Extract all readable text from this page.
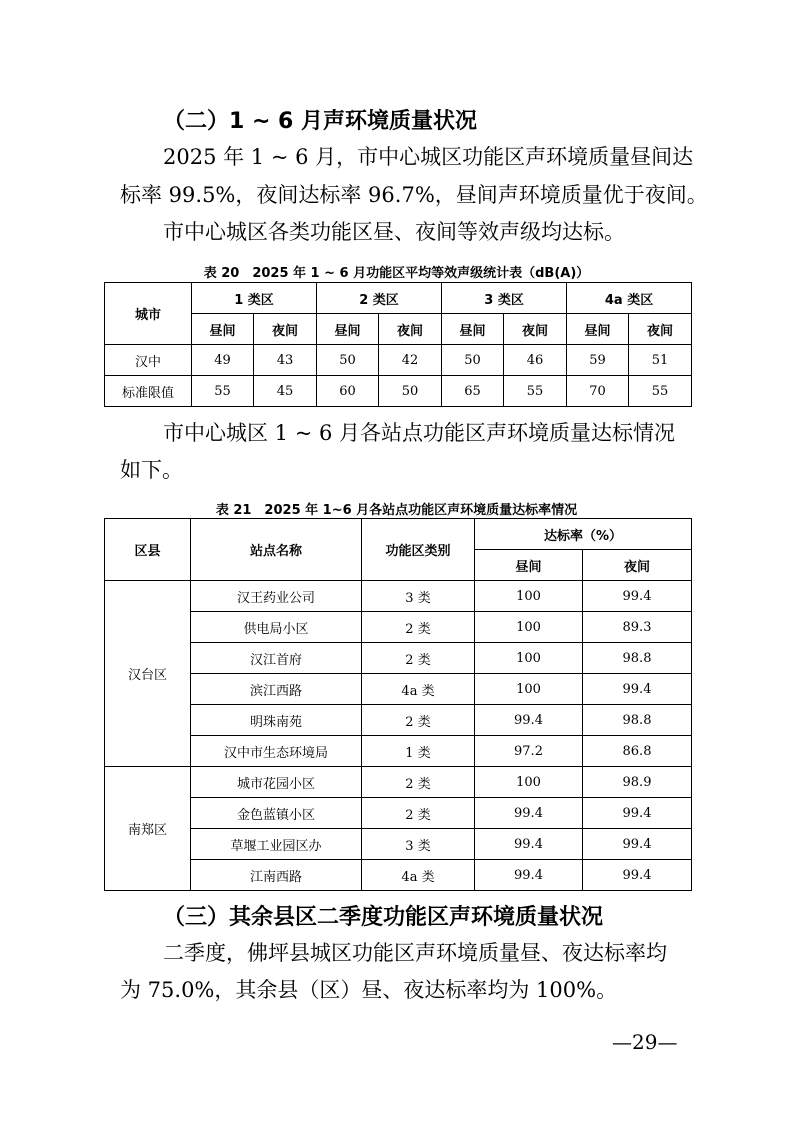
（二）1 ~ 6 月声环境质量状况
2025 年 1 ~ 6 月，市中心城区功能区声环境质量昼间达
标率 99.5%，夜间达标率 96.7%，昼间声环境质量优于夜间。
市中心城区各类功能区昼、夜间等效声级均达标。
表 20　2025 年 1 ~ 6 月功能区平均等效声级统计表（dB(A)）
城市	1 类区		2 类区		3 类区		4a 类区	
	昼间	夜间	昼间	夜间	昼间	夜间	昼间	夜间
汉中	49	43	50	42	50	46	59	51
标准限值	55	45	60	50	65	55	70	55
市中心城区 1 ~ 6 月各站点功能区声环境质量达标情况
如下。
表 21　2025 年 1~6 月各站点功能区声环境质量达标率情况
区县	站点名称	功能区类别	达标率（%）	
			昼间	夜间
汉台区	汉王药业公司	3 类	100	99.4
	供电局小区	2 类	100	89.3
	汉江首府	2 类	100	98.8
	滨江西路	4a 类	100	99.4
	明珠南苑	2 类	99.4	98.8
	汉中市生态环境局	1 类	97.2	86.8
南郑区	城市花园小区	2 类	100	98.9
	金色蓝镇小区	2 类	99.4	99.4
	草堰工业园区办	3 类	99.4	99.4
	江南西路	4a 类	99.4	99.4
（三）其余县区二季度功能区声环境质量状况
二季度，佛坪县城区功能区声环境质量昼、夜达标率均
为 75.0%，其余县（区）昼、夜达标率均为 100%。
—29—
